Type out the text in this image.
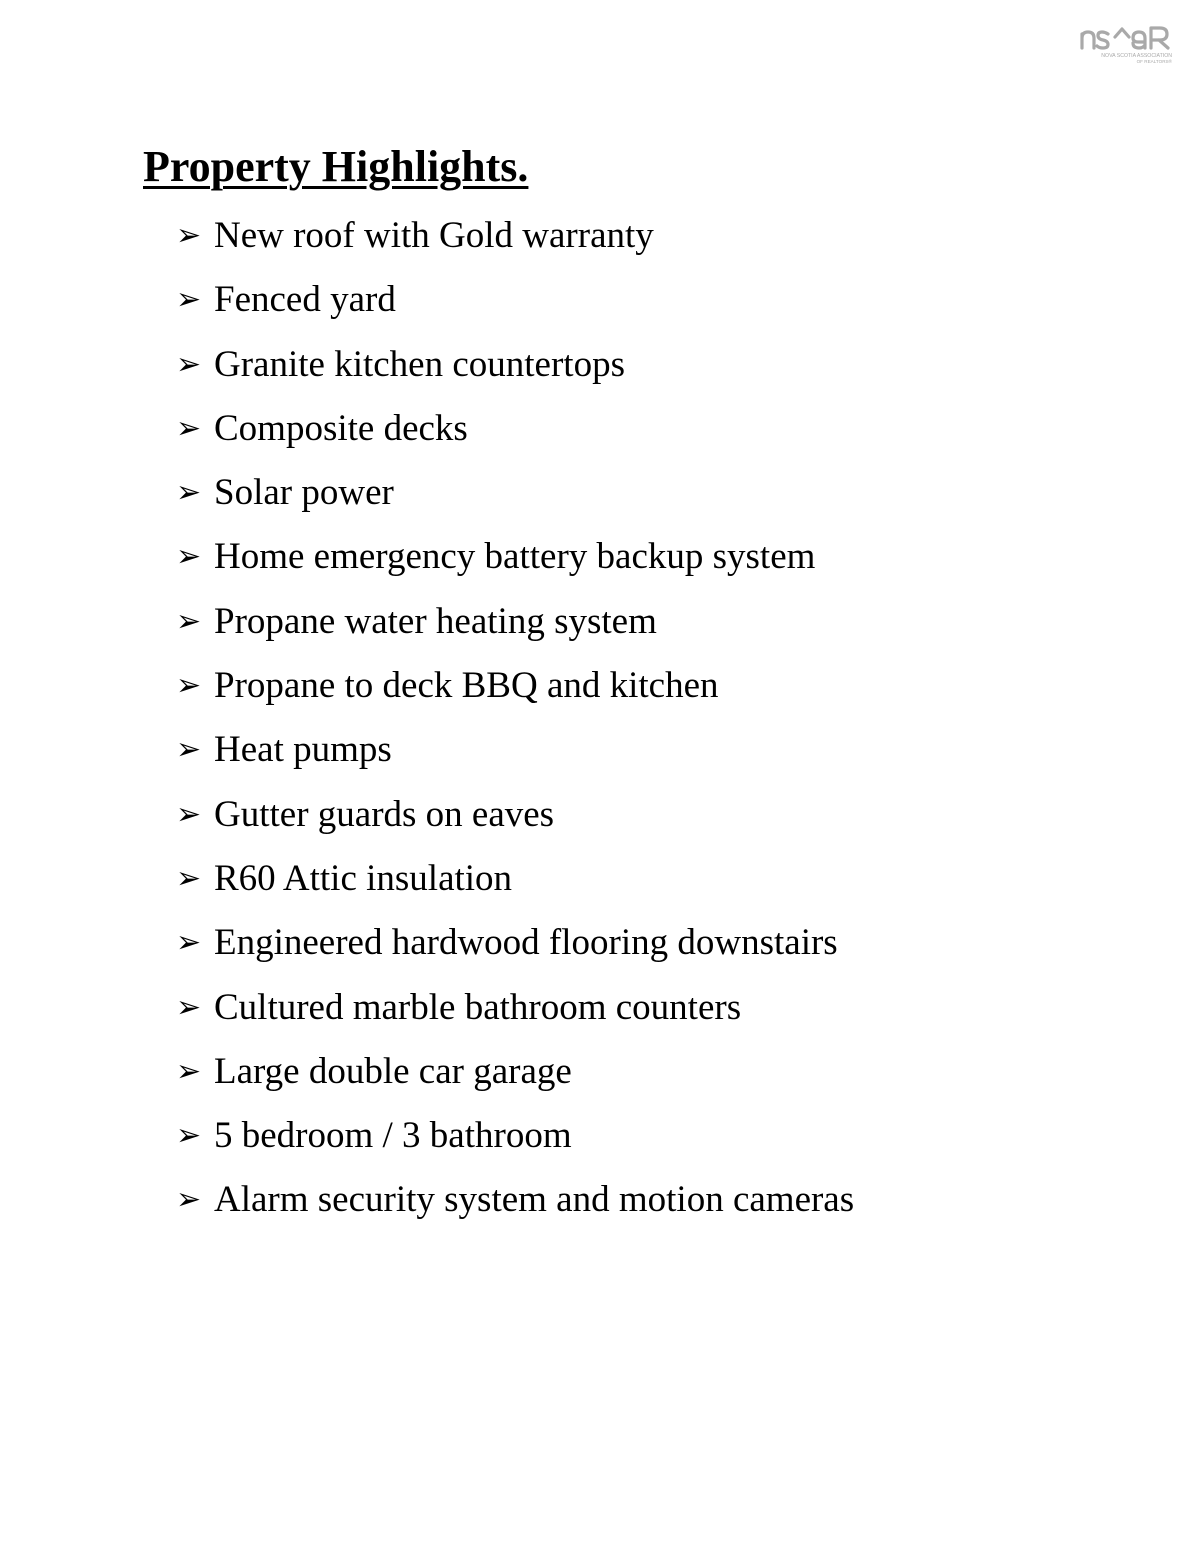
NOVA SCOTIA ASSOCIATION
OF REALTORS®
Property Highlights.
➢ New roof with Gold warranty
➢ Fenced yard
➢ Granite kitchen countertops
➢ Composite decks
➢ Solar power
➢ Home emergency battery backup system
➢ Propane water heating system
➢ Propane to deck BBQ and kitchen
➢ Heat pumps
➢ Gutter guards on eaves
➢ R60 Attic insulation
➢ Engineered hardwood flooring downstairs
➢ Cultured marble bathroom counters
➢ Large double car garage
➢ 5 bedroom / 3 bathroom
➢ Alarm security system and motion cameras
